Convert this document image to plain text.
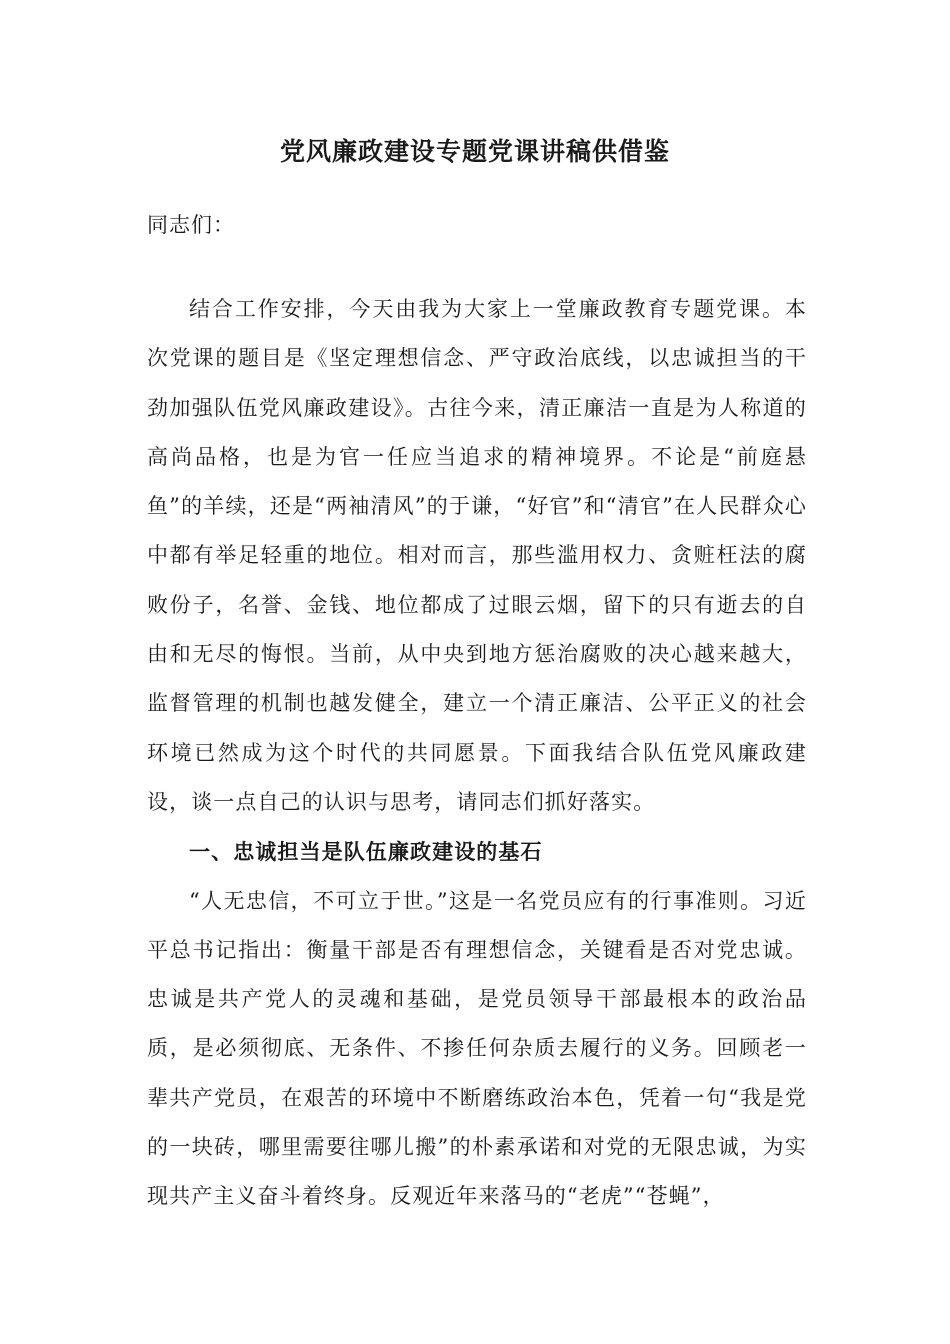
党风廉政建设专题党课讲稿供借鉴
同志们：

结合工作安排，今天由我为大家上一堂廉政教育专题党课。本次党课的题目是《坚定理想信念、严守政治底线，以忠诚担当的干劲加强队伍党风廉政建设》。古往今来，清正廉洁一直是为人称道的高尚品格，也是为官一任应当追求的精神境界。不论是“前庭悬鱼”的羊续，还是“两袖清风”的于谦，“好官”和“清官”在人民群众心中都有举足轻重的地位。相对而言，那些滥用权力、贪赃枉法的腐败份子，名誉、金钱、地位都成了过眼云烟，留下的只有逝去的自由和无尽的悔恨。当前，从中央到地方惩治腐败的决心越来越大，监督管理的机制也越发健全，建立一个清正廉洁、公平正义的社会环境已然成为这个时代的共同愿景。下面我结合队伍党风廉政建设，谈一点自己的认识与思考，请同志们抓好落实。

一、忠诚担当是队伍廉政建设的基石

“人无忠信，不可立于世。”这是一名党员应有的行事准则。习近平总书记指出：衡量干部是否有理想信念，关键看是否对党忠诚。忠诚是共产党人的灵魂和基础，是党员领导干部最根本的政治品质，是必须彻底、无条件、不掺任何杂质去履行的义务。回顾老一辈共产党员，在艰苦的环境中不断磨练政治本色，凭着一句“我是党的一块砖，哪里需要往哪儿搬”的朴素承诺和对党的无限忠诚，为实现共产主义奋斗着终身。反观近年来落马的“老虎”“苍蝇”，
